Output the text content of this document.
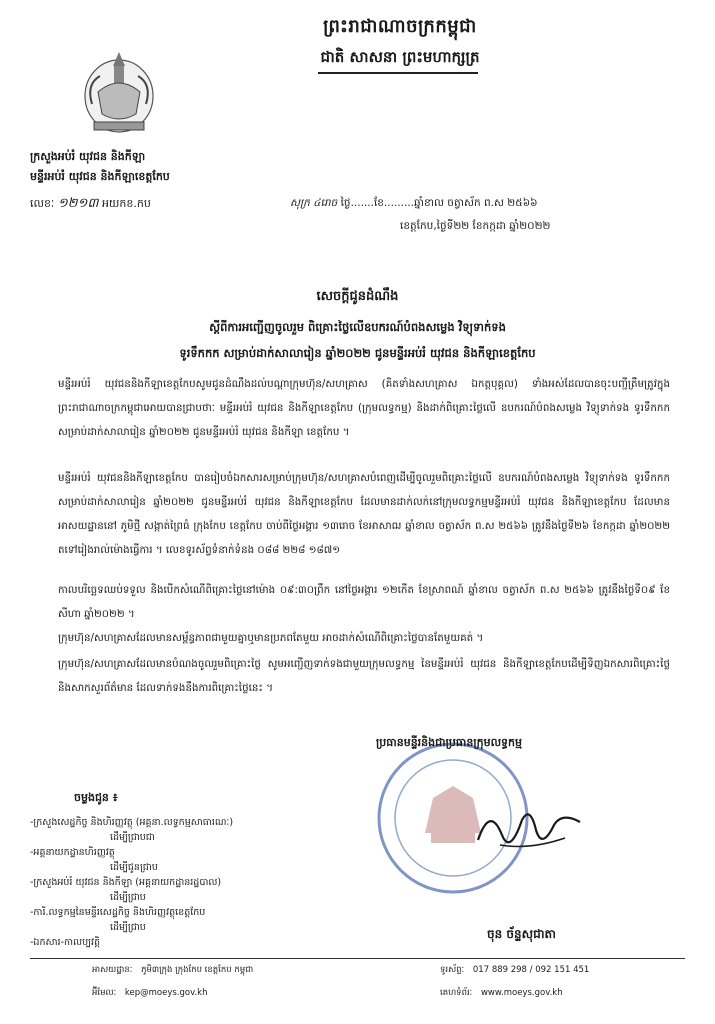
ព្រះរាជាណាចក្រកម្ពុជា
ជាតិ សាសនា ព្រះមហាក្សត្រ
ក្រសួងអប់រំ យុវជន និងកីឡា
មន្ទីរអប់រំ យុវជន និងកីឡាខេត្តកែប
លេខៈ ១២១៣ អយកខ.កប	សុក្រ ៤រោច ថ្ងៃ.......ខែ.........ឆ្នាំខាល ចត្វាស័ក ព.ស ២៥៦៦
ខេត្តកែប,ថ្ងៃទី២២ ខែកក្កដា ឆ្នាំ២០២២
សេចក្តីជូនដំណឹង
ស្តីពីការអញ្ជើញចូលរួម ពិគ្រោះថ្លៃលើឧបករណ៍បំពងសម្លេង វិទ្យុទាក់ទង
ទូរទឹកកក សម្រាប់ដាក់សាលារៀន ឆ្នាំ២០២២ ជូនមន្ទីរអប់រំ យុវជន និងកីឡាខេត្តកែប
មន្ទីរអប់រំ យុវជននិងកីឡាខេត្តកែបសូមជូនដំណឹងដល់បណ្តាក្រុមហ៊ុន/សហគ្រាស (គិតទាំងសហគ្រាស ឯកត្តបុគ្គល) ទាំងអស់ដែលបានចុះបញ្ជីត្រឹមត្រូវក្នុងព្រះរាជាណាចក្រកម្ពុជាអោយបានជ្រាបថាៈ មន្ទីរអប់រំ យុវជន និងកីឡាខេត្តកែប (ក្រុមលទ្ធកម្ម) និងដាក់ពិគ្រោះថ្លៃលើ ឧបករណ៍បំពងសម្លេង វិទ្យុទាក់ទង ទូរទឹកកក សម្រាប់ដាក់សាលារៀន ឆ្នាំ២០២២ ជូនមន្ទីរអប់រំ យុវជន និងកីឡា ខេត្តកែប ។
មន្ទីរអប់រំ យុវជននិងកីឡាខេត្តកែប បានរៀបចំឯកសារសម្រាប់ក្រុមហ៊ុន/សហគ្រាសបំពេញដើម្បីចូលរួមពិគ្រោះថ្លៃលើ ឧបករណ៍បំពងសម្លេង វិទ្យុទាក់ទង ទូរទឹកកក សម្រាប់ដាក់សាលារៀន ឆ្នាំ២០២២ ជូនមន្ទីរអប់រំ យុវជន និងកីឡាខេត្តកែប ដែលមានដាក់លក់នៅក្រុមលទ្ធកម្មមន្ទីរអប់រំ យុវជន និងកីឡាខេត្តកែប ដែលមានអាសយដ្ឋាននៅ ភូមិថ្មី សង្កាត់ព្រៃធំ ក្រុងកែប ខេត្តកែប ចាប់ពីថ្ងៃអង្គារ ១៣រោច ខែអាសាឍ ឆ្នាំខាល ចត្វាស័ក ព.ស ២៥៦៦ ត្រូវនឹងថ្ងៃទី២៦ ខែកក្កដា ឆ្នាំ២០២២ តទៅរៀងរាល់ម៉ោងធ្វើការ ។ លេខទូរស័ព្ទទំនាក់ទំនង ០៨៨ ២២៨ ១៨៧១
កាលបរិច្ឆេទឈប់ទទួល និងបើកសំណើពិគ្រោះថ្លៃនៅម៉ោង ០៩:៣០ព្រឹក នៅថ្ងៃអង្គារ ១២កើត ខែស្រាពណ៍ ឆ្នាំខាល ចត្វាស័ក ព.ស ២៥៦៦ ត្រូវនឹងថ្ងៃទី០៩ ខែសីហា ឆ្នាំ២០២២ ។
ក្រុមហ៊ុន/សហគ្រាសដែលមានសម្ព័ន្ធភាពជាមួយគ្នាឬមានប្រភពតែមួយ អាចដាក់សំណើពិគ្រោះថ្លៃបានតែមួយគត់ ។
ក្រុមហ៊ុន/សហគ្រាសដែលមានបំណងចូលរួមពិគ្រោះថ្លៃ សូមអញ្ជើញទាក់ទងជាមួយក្រុមលទ្ធកម្ម នៃមន្ទីរអប់រំ យុវជន និងកីឡាខេត្តកែបដើម្បីទិញឯកសារពិគ្រោះថ្លៃ និងសាកសួរព័ត៌មាន ដែលទាក់ទងនឹងការពិគ្រោះថ្លៃនេះ ។
ចម្លងជូន ៖
-ក្រសួងសេដ្ឋកិច្ច និងហិរញ្ញវត្ថុ (អគ្គនា.លទ្ធកម្មសាធារណៈ)
ដើម្បីជ្រាបជា
-អគ្គនាយកដ្ឋានហិរញ្ញវត្ថុ
ដើម្បីជូនជ្រាប
-ក្រសួងអប់រំ យុវជន និងកីឡា (អគ្គនាយកដ្ឋានរដ្ឋបាល)
ដើម្បីជ្រាប
-ការិ.លទ្ធកម្មនៃមន្ទីរសេដ្ឋកិច្ច និងហិរញ្ញវត្ថុខេត្តកែប
ដើម្បីជ្រាប
-ឯកសារ-កាលប្បវត្តិ
ប្រធានមន្ទីរនិងជាប្រធានក្រុមលទ្ធកម្ម
ចុន ច័ន្ទសុជាតា
អាសយដ្ឋានៈ ភូមិ៣ក្រុង ក្រុងកែប ខេត្តកែប កម្ពុជា
អ៊ីមែលៈ kep@moeys.gov.kh
ទូរស័ព្ទៈ 017 889 298 / 092 151 451
គេហទំព័រៈ www.moeys.gov.kh
